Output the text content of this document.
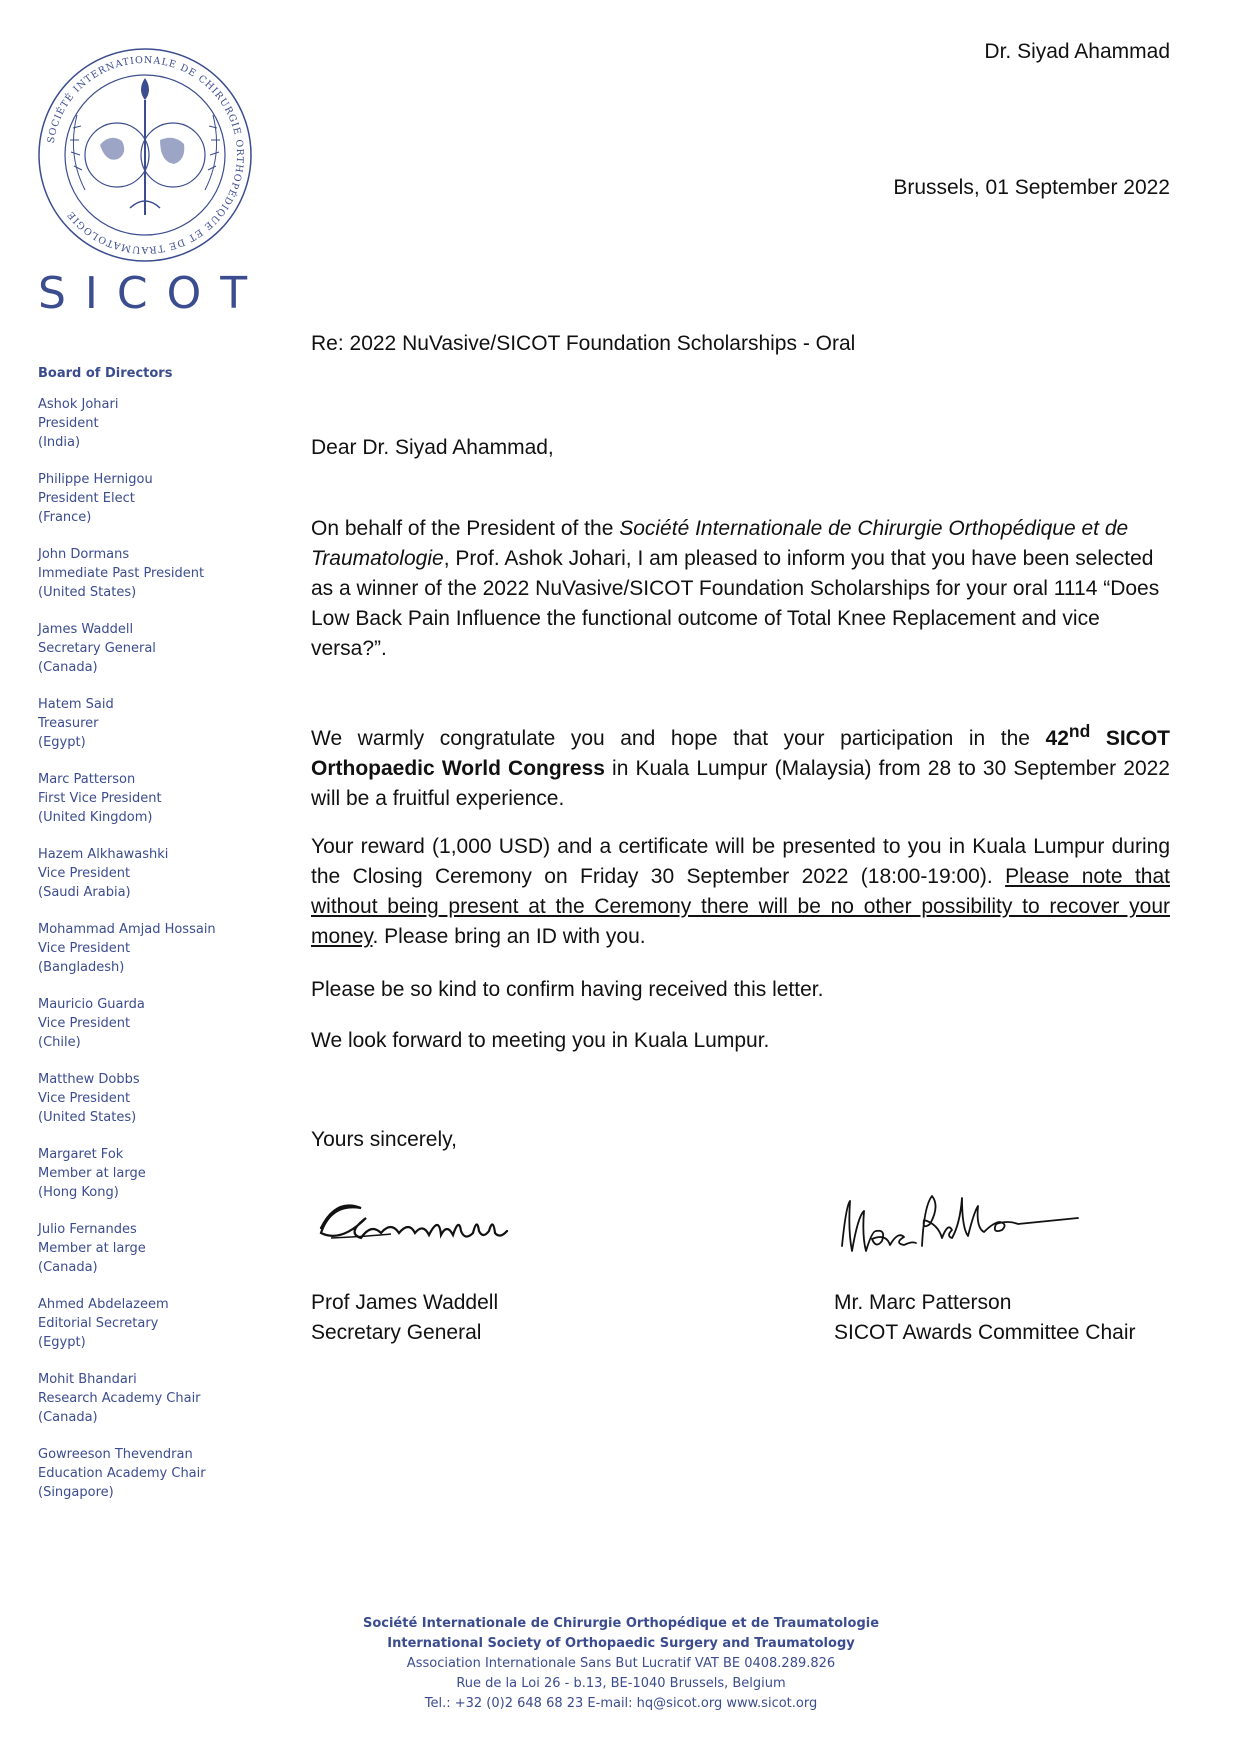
SOCIÉTÉ INTERNATIONALE DE CHIRURGIE ORTHOPÉDIQUE ET DE TRAUMATOLOGIE
SICOT
Board of Directors
Ashok Johari
President
(India)
Philippe Hernigou
President Elect
(France)
John Dormans
Immediate Past President
(United States)
James Waddell
Secretary General
(Canada)
Hatem Said
Treasurer
(Egypt)
Marc Patterson
First Vice President
(United Kingdom)
Hazem Alkhawashki
Vice President
(Saudi Arabia)
Mohammad Amjad Hossain
Vice President
(Bangladesh)
Mauricio Guarda
Vice President
(Chile)
Matthew Dobbs
Vice President
(United States)
Margaret Fok
Member at large
(Hong Kong)
Julio Fernandes
Member at large
(Canada)
Ahmed Abdelazeem
Editorial Secretary
(Egypt)
Mohit Bhandari
Research Academy Chair
(Canada)
Gowreeson Thevendran
Education Academy Chair
(Singapore)
Dr. Siyad Ahammad
Brussels, 01 September 2022
Re: 2022 NuVasive/SICOT Foundation Scholarships - Oral
Dear Dr. Siyad Ahammad,
On behalf of the President of the Société Internationale de Chirurgie Orthopédique et de Traumatologie, Prof. Ashok Johari, I am pleased to inform you that you have been selected as a winner of the 2022 NuVasive/SICOT Foundation Scholarships for your oral 1114 “Does Low Back Pain Influence the functional outcome of Total Knee Replacement and vice versa?”.
We warmly congratulate you and hope that your participation in the 42nd SICOT Orthopaedic World Congress in Kuala Lumpur (Malaysia) from 28 to 30 September 2022 will be a fruitful experience.
Your reward (1,000 USD) and a certificate will be presented to you in Kuala Lumpur during the Closing Ceremony on Friday 30 September 2022 (18:00-19:00). Please note that without being present at the Ceremony there will be no other possibility to recover your money. Please bring an ID with you.
Please be so kind to confirm having received this letter.
We look forward to meeting you in Kuala Lumpur.
Yours sincerely,
Prof James Waddell
Secretary General
Mr. Marc Patterson
SICOT Awards Committee Chair
Société Internationale de Chirurgie Orthopédique et de Traumatologie
International Society of Orthopaedic Surgery and Traumatology
Association Internationale Sans But Lucratif VAT BE 0408.289.826
Rue de la Loi 26 - b.13, BE-1040 Brussels, Belgium
Tel.: +32 (0)2 648 68 23 E-mail: hq@sicot.org www.sicot.org
